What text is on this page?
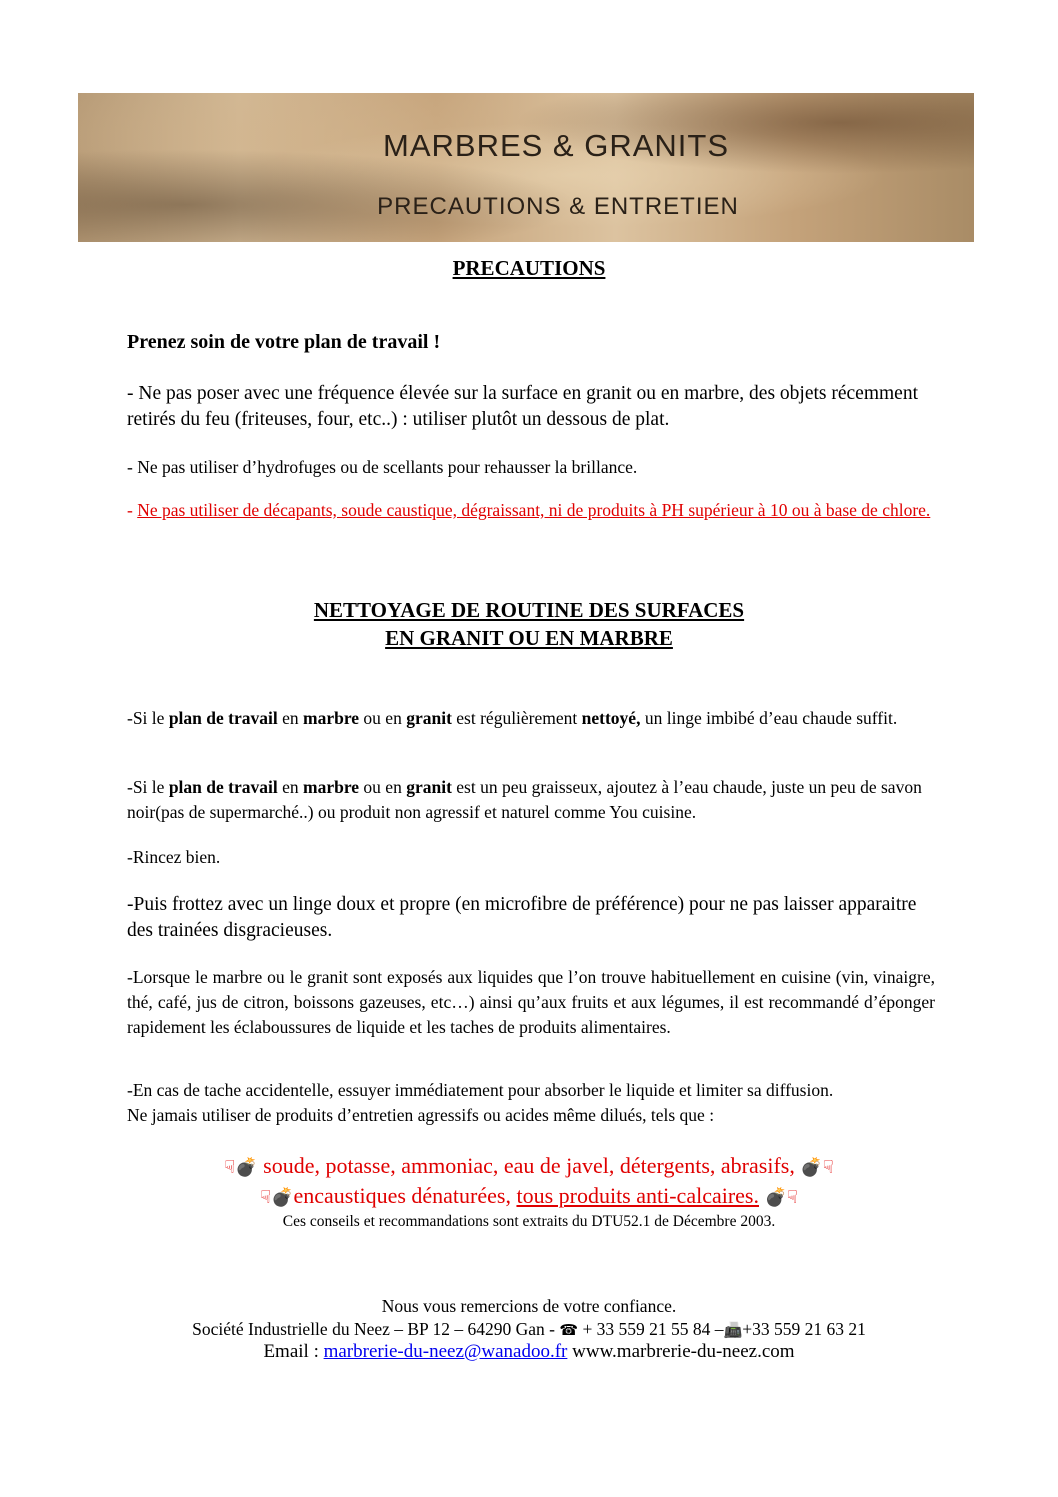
MARBRES & GRANITS
PRECAUTIONS & ENTRETIEN
PRECAUTIONS
Prenez soin de votre plan de travail !
- Ne pas poser avec une fréquence élevée sur la surface en granit ou en marbre, des objets récemment retirés du feu (friteuses, four, etc..) : utiliser plutôt un dessous de plat.
- Ne pas utiliser d’hydrofuges ou de scellants pour rehausser la brillance.
- Ne pas utiliser de décapants, soude caustique, dégraissant, ni de produits à PH supérieur à 10 ou à base de chlore.
NETTOYAGE DE ROUTINE DES SURFACES
EN GRANIT OU EN MARBRE
-Si le plan de travail en marbre ou en granit est régulièrement nettoyé, un linge imbibé d’eau chaude suffit.
-Si le plan de travail en marbre ou en granit est un peu graisseux, ajoutez à l’eau chaude, juste un peu de savon noir(pas de supermarché..) ou produit non agressif et naturel comme You cuisine.
-Rincez bien.
-Puis frottez avec un linge doux et propre (en microfibre de préférence) pour ne pas laisser apparaitre des trainées disgracieuses.
-Lorsque le marbre ou le granit sont exposés aux liquides que l’on trouve habituellement en cuisine (vin, vinaigre, thé, café, jus de citron, boissons gazeuses, etc…) ainsi qu’aux fruits et aux légumes, il est recommandé d’éponger rapidement les éclaboussures de liquide et les taches de produits alimentaires.
-En cas de tache accidentelle, essuyer immédiatement pour absorber le liquide et limiter sa diffusion.
Ne jamais utiliser de produits d’entretien agressifs ou acides même dilués, tels que :
☟💣 soude, potasse, ammoniac, eau de javel, détergents, abrasifs, 💣☟
☟💣encaustiques dénaturées, tous produits anti-calcaires. 💣☟
Ces conseils et recommandations sont extraits du DTU52.1 de Décembre 2003.
Nous vous remercions de votre confiance.
Société Industrielle du Neez – BP 12 – 64290 Gan - ☎ + 33 559 21 55 84 –📠+33 559 21 63 21
Email : marbrerie-du-neez@wanadoo.fr www.marbrerie-du-neez.com
